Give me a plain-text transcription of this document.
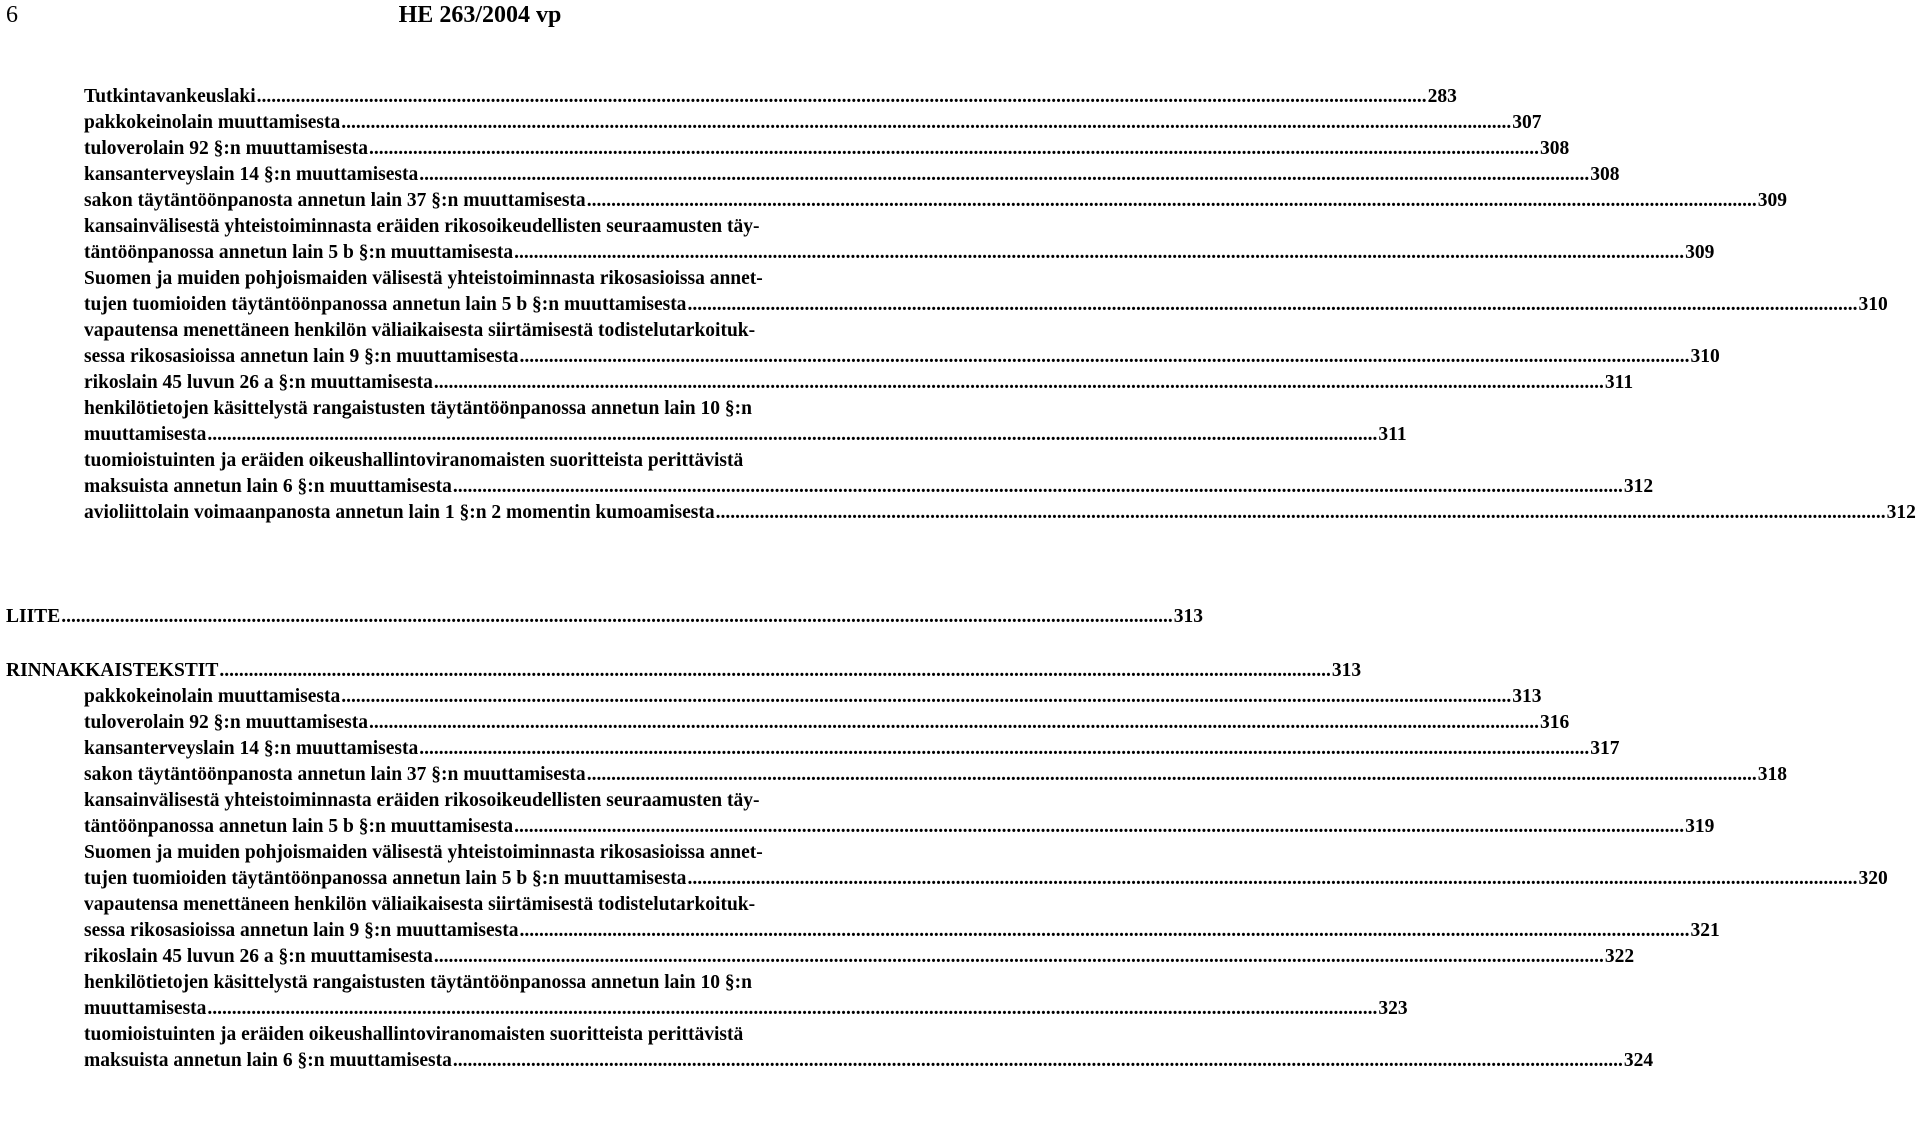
6	HE 263/2004 vp
Tutkintavankeuslaki ................................................................................................................................................................................................................................................ 283
pakkokeinolain muuttamisesta ................................................................................................................................................................................................................................................ 307
tuloverolain 92 §:n muuttamisesta ................................................................................................................................................................................................................................................ 308
kansanterveyslain 14 §:n muuttamisesta ................................................................................................................................................................................................................................................ 308
sakon täytäntöönpanosta annetun lain 37 §:n muuttamisesta ................................................................................................................................................................................................................................................ 309
kansainvälisestä yhteistoiminnasta eräiden rikosoikeudellisten seuraamusten täy-
täntöönpanossa annetun lain 5 b §:n muuttamisesta ................................................................................................................................................................................................................................................ 309
Suomen ja muiden pohjoismaiden välisestä yhteistoiminnasta rikosasioissa annet-
tujen tuomioiden täytäntöönpanossa annetun lain 5 b §:n muuttamisesta ................................................................................................................................................................................................................................................ 310
vapautensa menettäneen henkilön väliaikaisesta siirtämisestä todistelutarkoituk-
sessa rikosasioissa annetun lain 9 §:n muuttamisesta ................................................................................................................................................................................................................................................ 310
rikoslain 45 luvun 26 a §:n muuttamisesta ................................................................................................................................................................................................................................................ 311
henkilötietojen käsittelystä rangaistusten täytäntöönpanossa annetun lain 10 §:n
muuttamisesta ................................................................................................................................................................................................................................................ 311
tuomioistuinten ja eräiden oikeushallintoviranomaisten suoritteista perittävistä
maksuista annetun lain 6 §:n muuttamisesta ................................................................................................................................................................................................................................................ 312
avioliittolain voimaanpanosta annetun lain 1 §:n 2 momentin kumoamisesta ................................................................................................................................................................................................................................................ 312
LIITE .................................................................................................................................................................................................................................... 313
RINNAKKAISTEKSTIT .................................................................................................................................................................................................................................... 313
pakkokeinolain muuttamisesta ................................................................................................................................................................................................................................................ 313
tuloverolain 92 §:n muuttamisesta ................................................................................................................................................................................................................................................ 316
kansanterveyslain 14 §:n muuttamisesta ................................................................................................................................................................................................................................................ 317
sakon täytäntöönpanosta annetun lain 37 §:n muuttamisesta ................................................................................................................................................................................................................................................ 318
kansainvälisestä yhteistoiminnasta eräiden rikosoikeudellisten seuraamusten täy-
täntöönpanossa annetun lain 5 b §:n muuttamisesta ................................................................................................................................................................................................................................................ 319
Suomen ja muiden pohjoismaiden välisestä yhteistoiminnasta rikosasioissa annet-
tujen tuomioiden täytäntöönpanossa annetun lain 5 b §:n muuttamisesta ................................................................................................................................................................................................................................................ 320
vapautensa menettäneen henkilön väliaikaisesta siirtämisestä todistelutarkoituk-
sessa rikosasioissa annetun lain 9 §:n muuttamisesta ................................................................................................................................................................................................................................................ 321
rikoslain 45 luvun 26 a §:n muuttamisesta ................................................................................................................................................................................................................................................ 322
henkilötietojen käsittelystä rangaistusten täytäntöönpanossa annetun lain 10 §:n
muuttamisesta ................................................................................................................................................................................................................................................ 323
tuomioistuinten ja eräiden oikeushallintoviranomaisten suoritteista perittävistä
maksuista annetun lain 6 §:n muuttamisesta ................................................................................................................................................................................................................................................ 324
